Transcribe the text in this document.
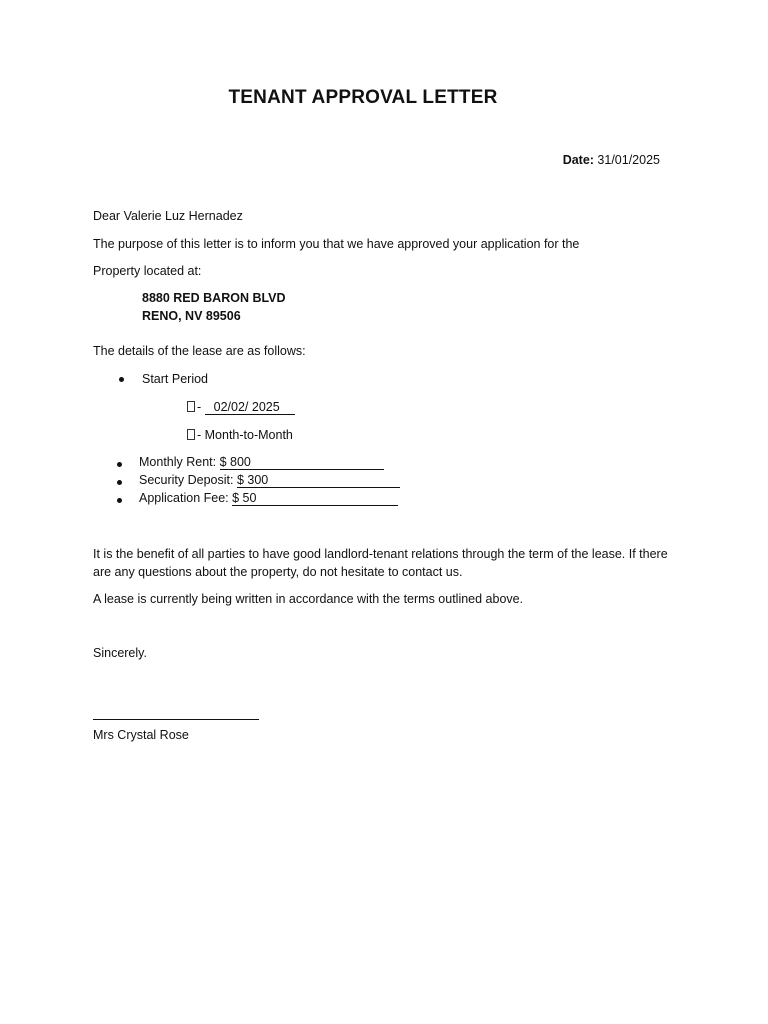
TENANT APPROVAL LETTER
Date: 31/01/2025
Dear Valerie Luz Hernadez
The purpose of this letter is to inform you that we have approved your application for the
Property located at:
8880 RED BARON BLVD
RENO, NV 89506
The details of the lease are as follows:
Start Period
- 02/02/ 2025
- Month-to-Month
Monthly Rent: $ 800
Security Deposit: $ 300
Application Fee: $ 50
It is the benefit of all parties to have good landlord-tenant relations through the term of the lease. If there are any questions about the property, do not hesitate to contact us.
A lease is currently being written in accordance with the terms outlined above.
Sincerely.
Mrs Crystal Rose
